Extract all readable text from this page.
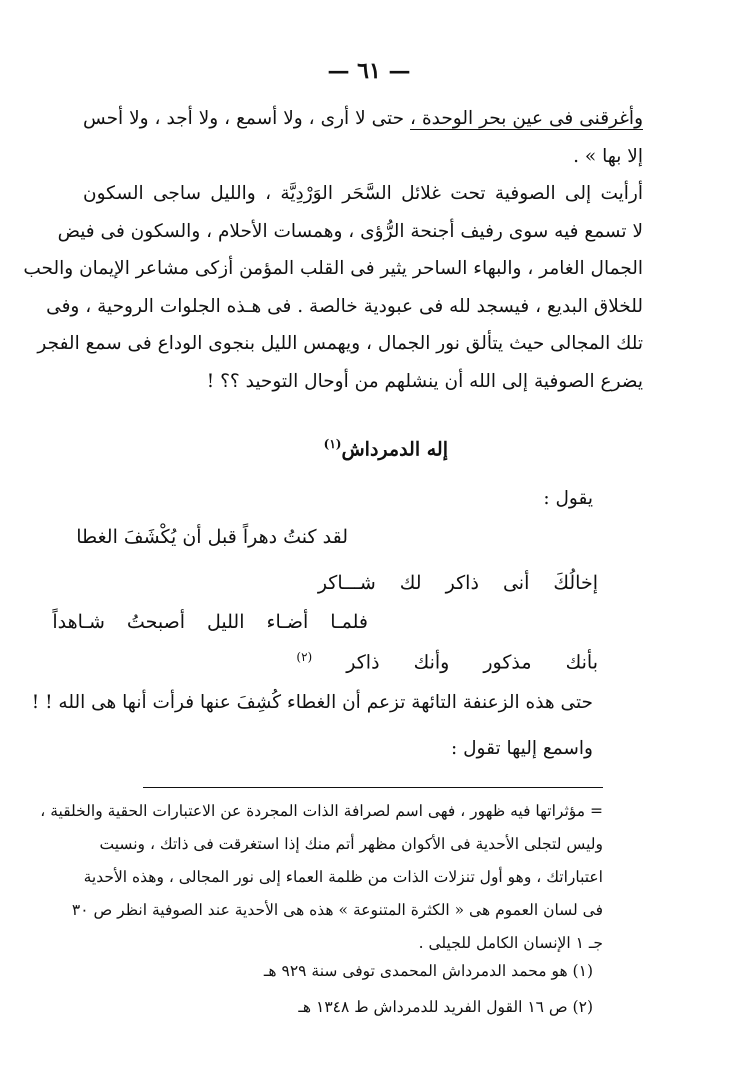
— ٦١ —
وأغرقنى فى عين بحر الوحدة ، حتى لا أرى ، ولا أسمع ، ولا أجد ، ولا أحس
إلا بها » .
أرأيت إلى الصوفية تحت غلائل السَّحَر الوَرْدِيَّة ، والليل ساجى السكون
لا تسمع فيه سوى رفيف أجنحة الرُّؤى ، وهمسات الأحلام ، والسكون فى فيض
الجمال الغامر ، والبهاء الساحر يثير فى القلب المؤمن أزكى مشاعر الإيمان والحب
للخلاق البديع ، فيسجد لله فى عبودية خالصة . فى هـذه الجلوات الروحية ، وفى
تلك المجالى حيث يتألق نور الجمال ، ويهمس الليل بنجوى الوداع فى سمع الفجر
يضرع الصوفية إلى الله أن ينشلهم من أوحال التوحيد ؟؟ !
إله الدمرداش$^{(١)}$
يقول :
لقد كنتُ دهراً قبل أن يُكْشَفَ الغطا
إخالُكَ أنى ذاكر لك شـــاكر
فلمـا أضـاء الليل أصبحتُ شـاهداً
بأنك مذكور وأنك ذاكر $^{(٢)}$
حتى هذه الزعنفة التائهة تزعم أن الغطاء كُشِفَ عنها فرأت أنها هى الله ! !
واسمع إليها تقول :
= مؤثراتها فيه ظهور ، فهى اسم لصرافة الذات المجردة عن الاعتبارات الحقية والخلقية ،
وليس لتجلى الأحدية فى الأكوان مظهر أتم منك إذا استغرقت فى ذاتك ، ونسيت
اعتباراتك ، وهو أول تنزلات الذات من ظلمة العماء إلى نور المجالى ، وهذه الأحدية
فى لسان العموم هى « الكثرة المتنوعة » هذه هى الأحدية عند الصوفية انظر ص ٣٠
جـ ١ الإنسان الكامل للجيلى .
(١) هو محمد الدمرداش المحمدى توفى سنة ٩٢٩ هـ
(٢) ص ١٦ القول الفريد للدمرداش ط ١٣٤٨ هـ
